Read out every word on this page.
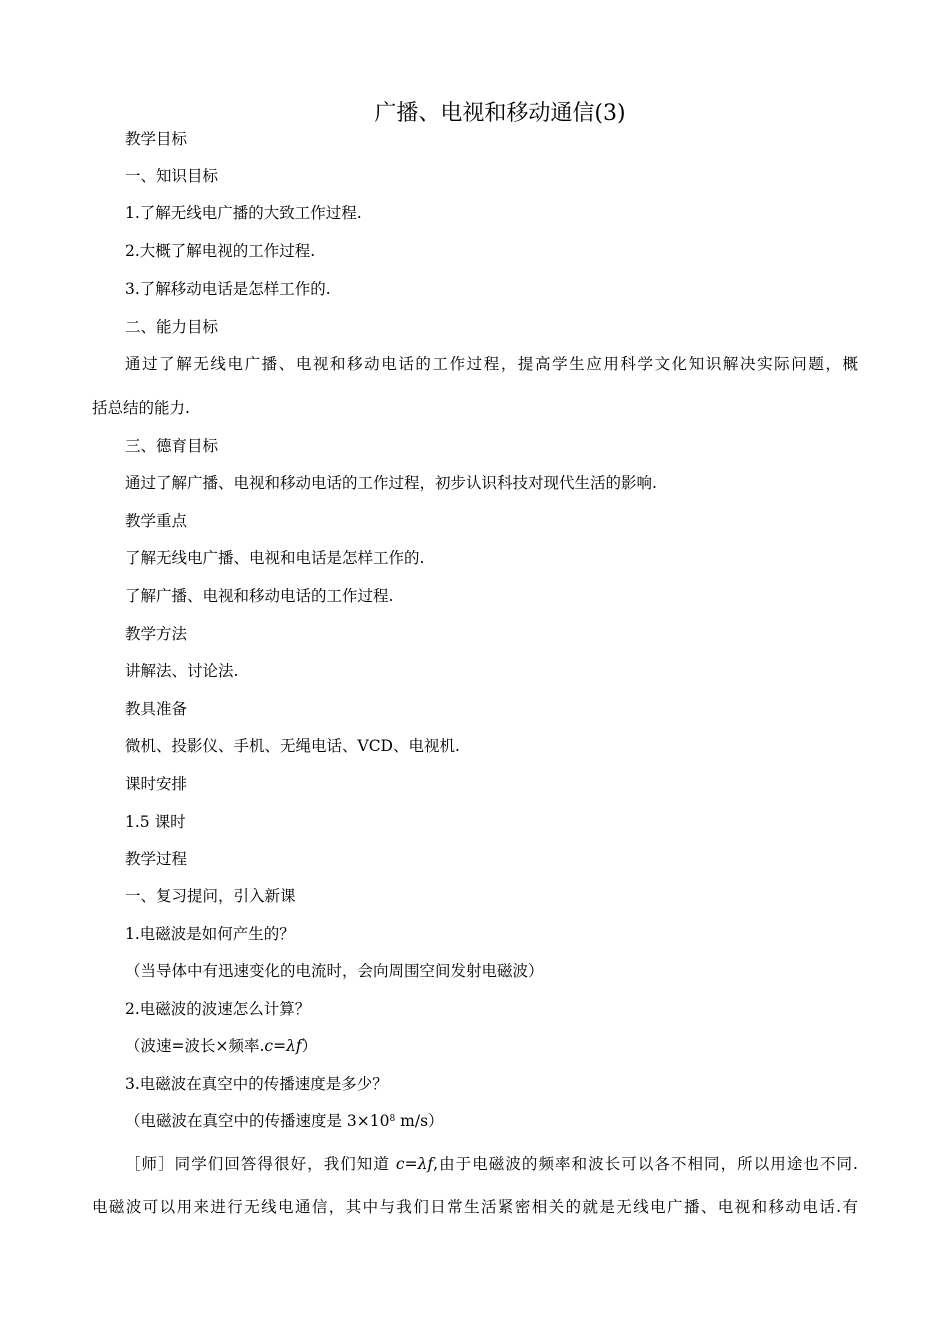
广播、电视和移动通信(3)
教学目标
一、知识目标
1.了解无线电广播的大致工作过程.
2.大概了解电视的工作过程.
3.了解移动电话是怎样工作的.
二、能力目标
通过了解无线电广播、电视和移动电话的工作过程，提高学生应用科学文化知识解决实际问题，概
括总结的能力.
三、德育目标
通过了解广播、电视和移动电话的工作过程，初步认识科技对现代生活的影响.
教学重点
了解无线电广播、电视和电话是怎样工作的.
了解广播、电视和移动电话的工作过程.
教学方法
讲解法、讨论法.
教具准备
微机、投影仪、手机、无绳电话、VCD、电视机.
课时安排
1.5 课时
教学过程
一、复习提问，引入新课
1.电磁波是如何产生的？
（当导体中有迅速变化的电流时，会向周围空间发射电磁波）
2.电磁波的波速怎么计算？
（波速=波长×频率.c=λf）
3.电磁波在真空中的传播速度是多少？
（电磁波在真空中的传播速度是 $3\times 10^8$ m/s）
［师］同学们回答得很好，我们知道 c=λf,由于电磁波的频率和波长可以各不相同，所以用途也不同.
电磁波可以用来进行无线电通信，其中与我们日常生活紧密相关的就是无线电广播、电视和移动电话.有
